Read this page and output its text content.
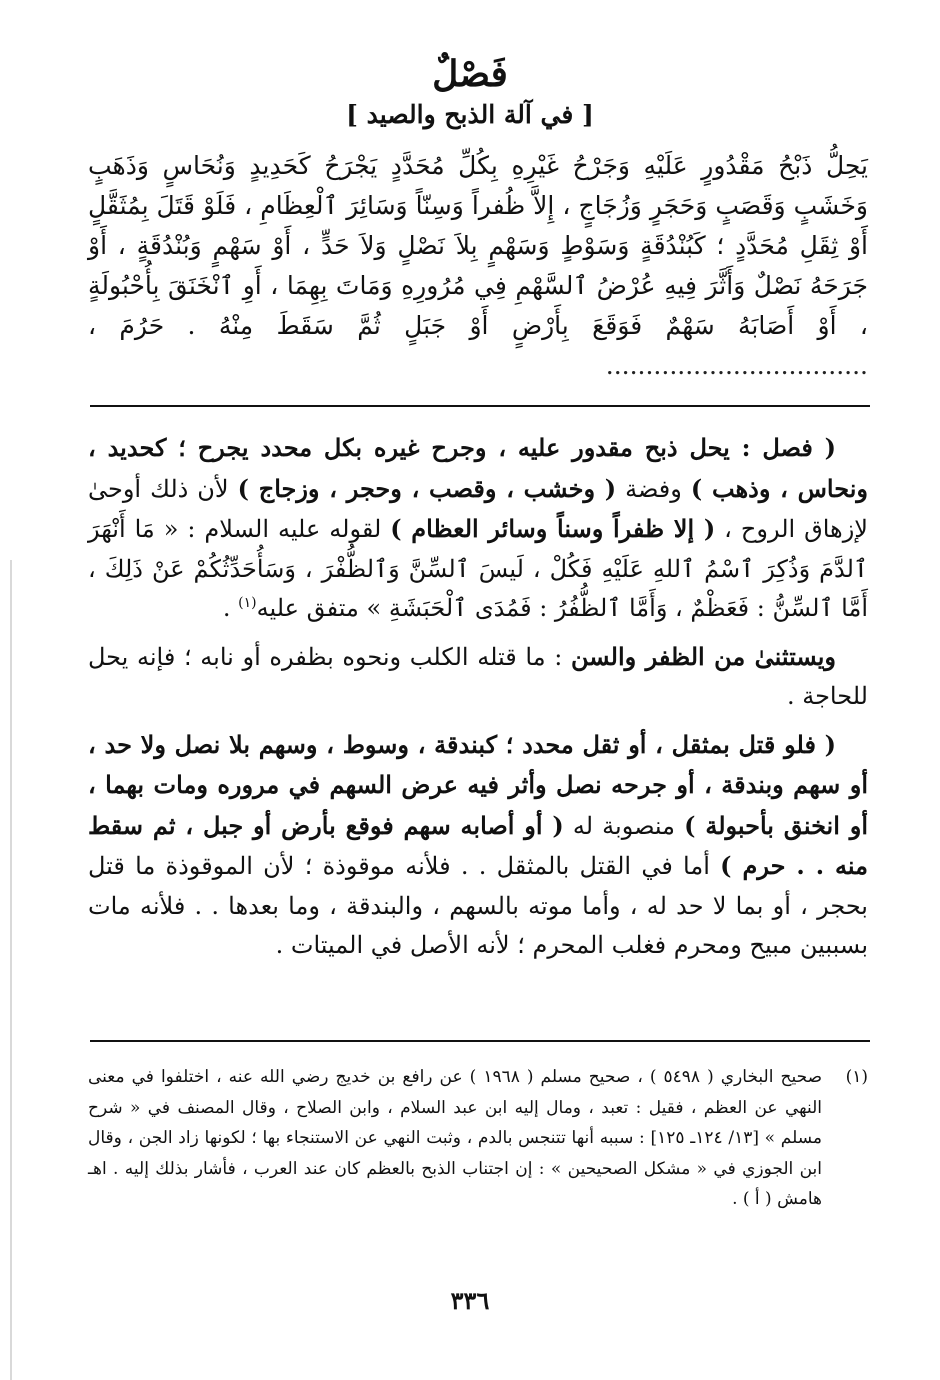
فَصْلٌ
[ في آلة الذبح والصيد ]
يَحِلُّ ذَبْحُ مَقْدُورٍ عَلَيْهِ وَجَرْحُ غَيْرِهِ بِكُلِّ مُحَدَّدٍ يَجْرَحُ كَحَدِيدٍ وَنُحَاسٍ وَذَهَبٍ وَخَشَبٍ وَقَصَبٍ وَحَجَرٍ وَزُجَاجٍ ، إِلاَّ ظُفراً وَسِنّاً وَسَائِرَ ٱلْعِظَامِ ، فَلَوْ قَتَلَ بِمُثَقَّلٍ أَوْ ثِقَلِ مُحَدَّدٍ ؛ كَبُنْدُقَةٍ وَسَوْطٍ وَسَهْمٍ بِلاَ نَصْلٍ وَلاَ حَدٍّ ، أَوْ سَهْمٍ وَبُنْدُقَةٍ ، أَوْ جَرَحَهُ نَصْلٌ وَأَثَّرَ فِيهِ عُرْضُ ٱلسَّهْمِ فِي مُرُورِهِ وَمَاتَ بِهِمَا ، أَوِ ٱنْخَنَقَ بِأُحْبُولَةٍ ، أَوْ أَصَابَهُ سَهْمٌ فَوَقَعَ بِأَرْضٍ أَوْ جَبَلٍ ثُمَّ سَقَطَ مِنْهُ . حَرُمَ ، .................................

( فصل : يحل ذبح مقدور عليه ، وجرح غيره بكل محدد يجرح ؛ كحديد ، ونحاس ، وذهب ) وفضة ( وخشب ، وقصب ، وحجر ، وزجاج ) لأن ذلك أوحىٰ لإزهاق الروح ، ( إلا ظفراً وسناً وسائر العظام ) لقوله عليه السلام : « مَا أَنْهَرَ ٱلدَّمَ وَذُكِرَ ٱسْمُ ٱللهِ عَلَيْهِ فَكُلْ ، لَيسَ ٱلسِّنَّ وَٱلظُّفْرَ ، وَسَأُحَدِّثُكُمْ عَنْ ذَلِكَ ، أَمَّا ٱلسِّنُّ : فَعَظْمٌ ، وَأَمَّا ٱلظُّفُرُ : فَمُدَى ٱلْحَبَشَةِ » متفق عليه$^{(١)}$ .

ويستثنىٰ من الظفر والسن : ما قتله الكلب ونحوه بظفره أو نابه ؛ فإنه يحل للحاجة .

( فلو قتل بمثقل ، أو ثقل محدد ؛ كبندقة ، وسوط ، وسهم بلا نصل ولا حد ، أو سهم وبندقة ، أو جرحه نصل وأثر فيه عرض السهم في مروره ومات بهما ، أو انخنق بأحبولة ) منصوبة له ( أو أصابه سهم فوقع بأرض أو جبل ، ثم سقط منه . . حرم ) أما في القتل بالمثقل . . فلأنه موقوذة ؛ لأن الموقوذة ما قتل بحجر ، أو بما لا حد له ، وأما موته بالسهم ، والبندقة ، وما بعدها . . فلأنه مات بسببين مبيح ومحرم فغلب المحرم ؛ لأنه الأصل في الميتات .

(١)
صحيح البخاري ( ٥٤٩٨ ) ، صحيح مسلم ( ١٩٦٨ ) عن رافع بن خديج رضي الله عنه ، اختلفوا في معنى النهي عن العظم ، فقيل : تعبد ، ومال إليه ابن عبد السلام ، وابن الصلاح ، وقال المصنف في « شرح مسلم » [١٣/ ١٢٤ـ ١٢٥] : سببه أنها تتنجس بالدم ، وثبت النهي عن الاستنجاء بها ؛ لكونها زاد الجن ، وقال ابن الجوزي في « مشكل الصحيحين » : إن اجتناب الذبح بالعظم كان عند العرب ، فأشار بذلك إليه . اهـ هامش ( أ ) .
٣٣٦
